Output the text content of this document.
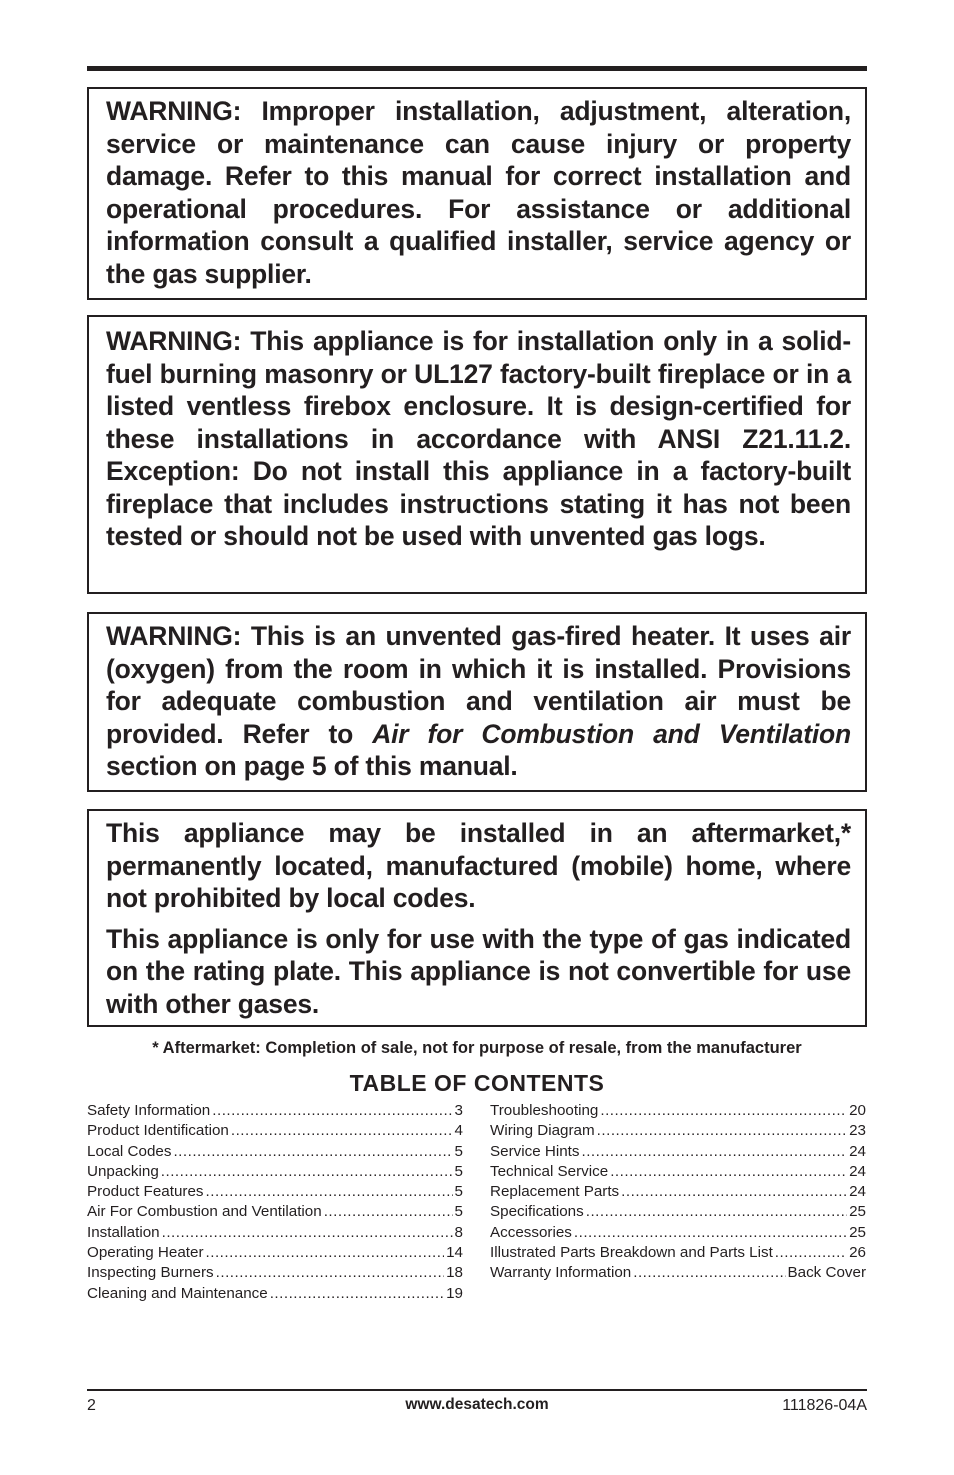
WARNING: Improper installation, adjustment, alteration, service or maintenance can cause injury or property damage. Refer to this manual for correct installation and operational procedures. For assistance or additional information consult a qualified installer, service agency or the gas supplier.

WARNING: This appliance is for installation only in a solid-fuel burning masonry or UL127 factory-built fireplace or in a listed ventless firebox enclosure. It is design-certified for these installations in accordance with ANSI Z21.11.2. Exception: Do not install this appliance in a factory-built fireplace that includes instructions stating it has not been tested or should not be used with unvented gas logs.

WARNING: This is an unvented gas-fired heater. It uses air (oxygen) from the room in which it is installed. Provisions for adequate combustion and ventilation air must be provided. Refer to Air for Combustion and Ventilation section on page 5 of this manual.

This appliance may be installed in an aftermarket,* permanently located, manufactured (mobile) home, where not prohibited by local codes.

This appliance is only for use with the type of gas indicated on the rating plate. This appliance is not convertible for use with other gases.

* Aftermarket: Completion of sale, not for purpose of resale, from the manufacturer
TABLE OF CONTENTS
Safety Information .....	3
Product Identification .....	4
Local Codes .....	5
Unpacking .....	5
Product Features .....	5
Air For Combustion and Ventilation .....	5
Installation .....	8
Operating Heater .....	14
Inspecting Burners .....	18
Cleaning and Maintenance .....	19
Troubleshooting .....	20
Wiring Diagram .....	23
Service Hints .....	24
Technical Service .....	24
Replacement Parts .....	24
Specifications .....	25
Accessories .....	25
Illustrated Parts Breakdown and Parts List .....	26
Warranty Information .....	Back Cover
2	www.desatech.com	111826-04A
